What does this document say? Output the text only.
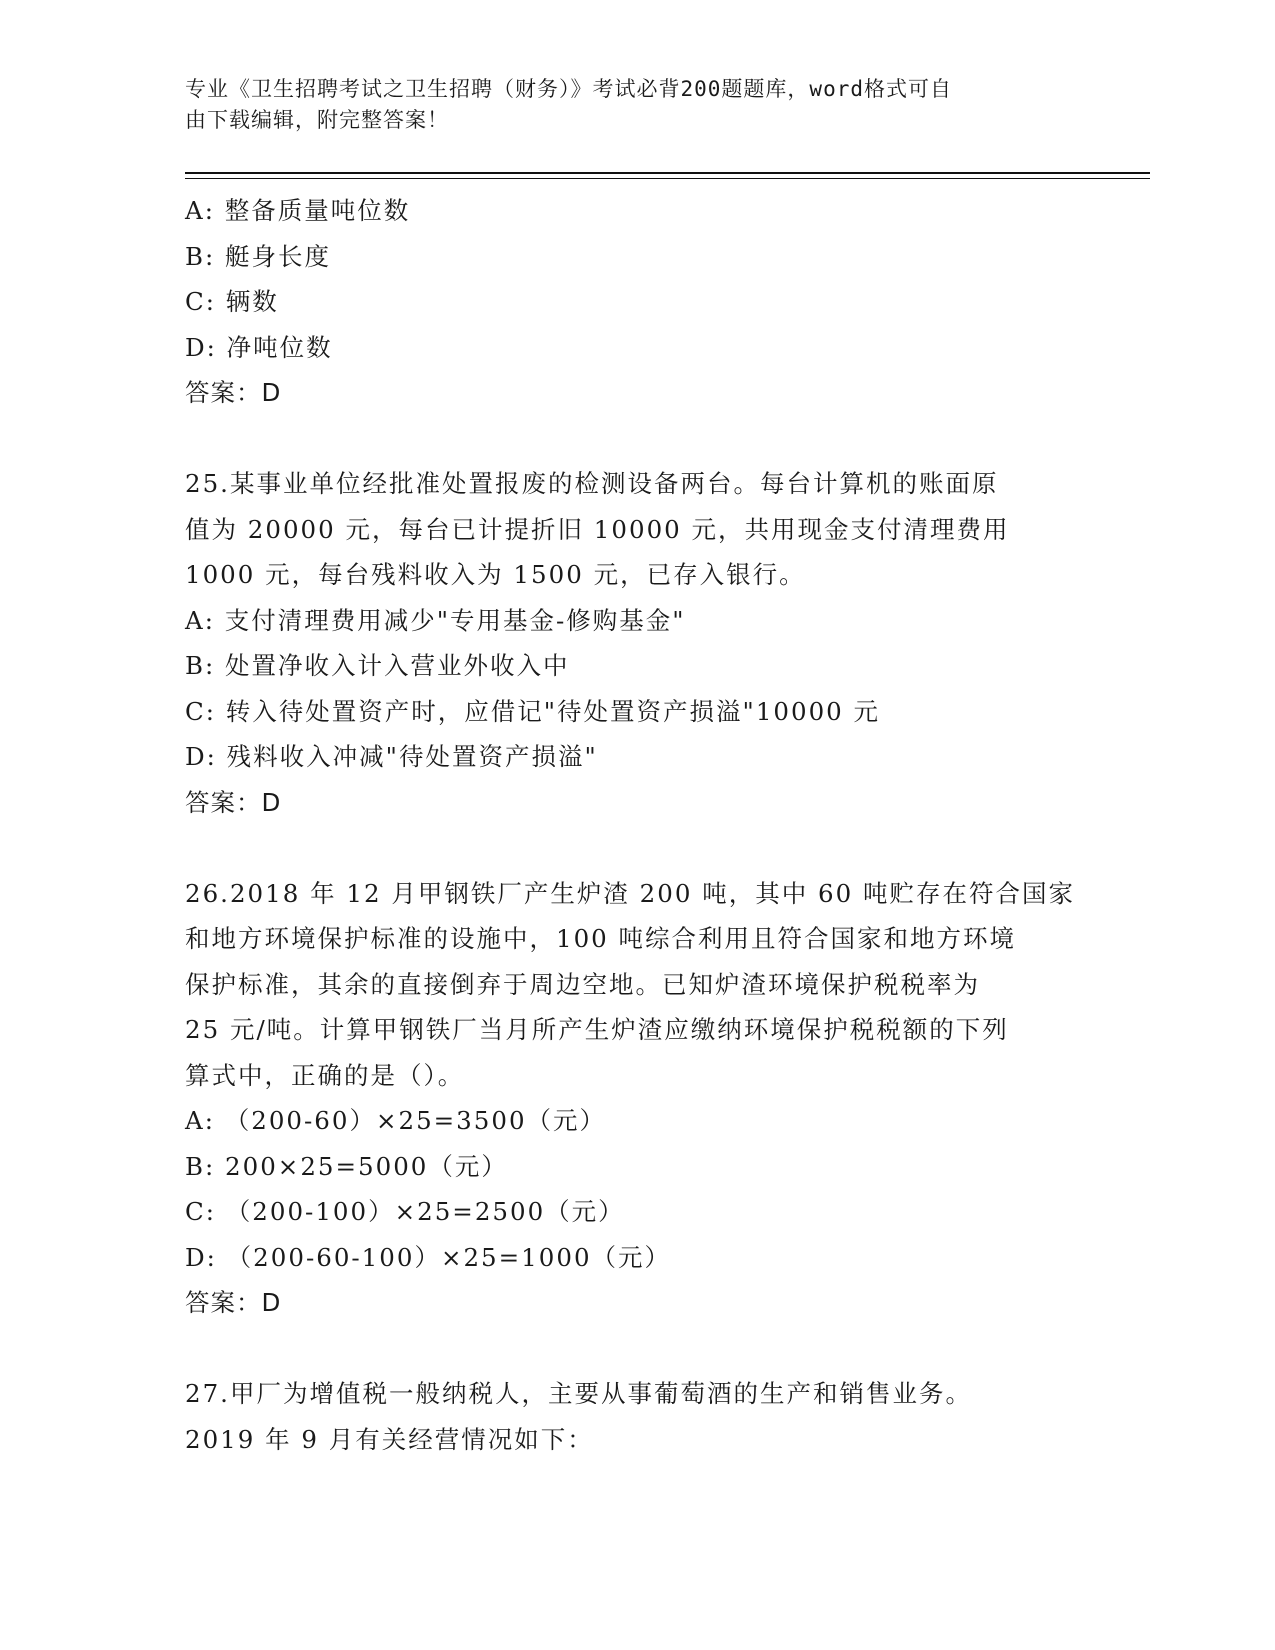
专业《卫生招聘考试之卫生招聘（财务）》考试必背200题题库，word格式可自
由下载编辑，附完整答案！
A: 整备质量吨位数
B: 艇身长度
C: 辆数
D: 净吨位数
答案：D
25.某事业单位经批准处置报废的检测设备两台。每台计算机的账面原
值为 20000 元，每台已计提折旧 10000 元，共用现金支付清理费用
1000 元，每台残料收入为 1500 元，已存入银行。
A: 支付清理费用减少"专用基金-修购基金"
B: 处置净收入计入营业外收入中
C: 转入待处置资产时，应借记"待处置资产损溢"10000 元
D: 残料收入冲减"待处置资产损溢"
答案：D
26.2018 年 12 月甲钢铁厂产生炉渣 200 吨，其中 60 吨贮存在符合国家
和地方环境保护标准的设施中，100 吨综合利用且符合国家和地方环境
保护标准，其余的直接倒弃于周边空地。已知炉渣环境保护税税率为
25 元/吨。计算甲钢铁厂当月所产生炉渣应缴纳环境保护税税额的下列
算式中，正确的是（）。
A: （200-60）×25=3500（元）
B: 200×25=5000（元）
C: （200-100）×25=2500（元）
D: （200-60-100）×25=1000（元）
答案：D
27.甲厂为增值税一般纳税人，主要从事葡萄酒的生产和销售业务。
2019 年 9 月有关经营情况如下：
